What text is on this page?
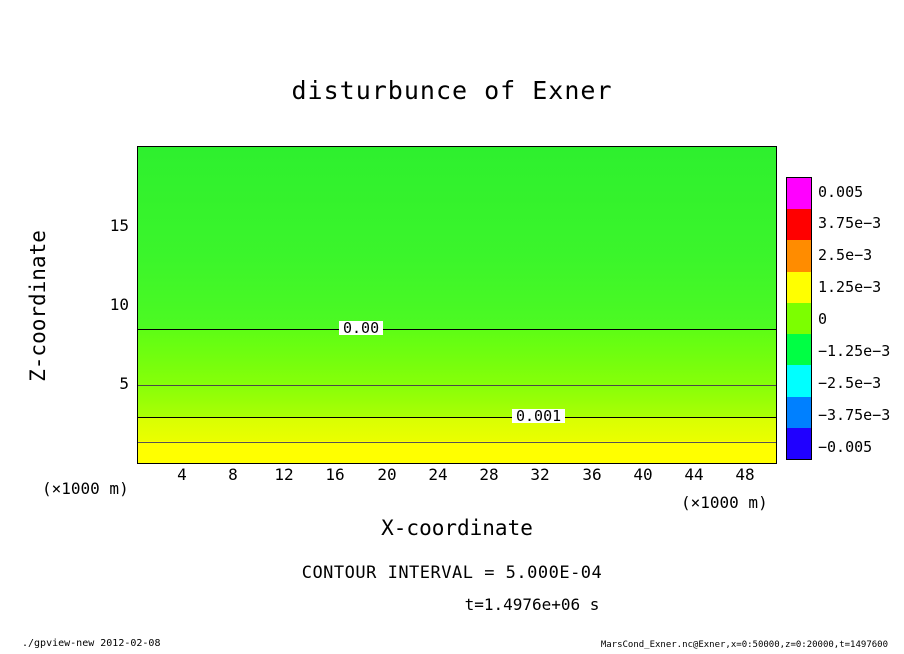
disturbunce of Exner
0.00
0.001
5
10
15
4	8	12	16	20	24	28	32	36	40	44	48
Z-coordinate
X-coordinate
(×1000 m)
(×1000 m)
0.005
3.75e−3
2.5e−3
1.25e−3
0
−1.25e−3
−2.5e−3
−3.75e−3
−0.005
CONTOUR INTERVAL = 5.000E-04
t=1.4976e+06 s
./gpview-new 2012-02-08	MarsCond_Exner.nc@Exner,x=0:50000,z=0:20000,t=1497600
